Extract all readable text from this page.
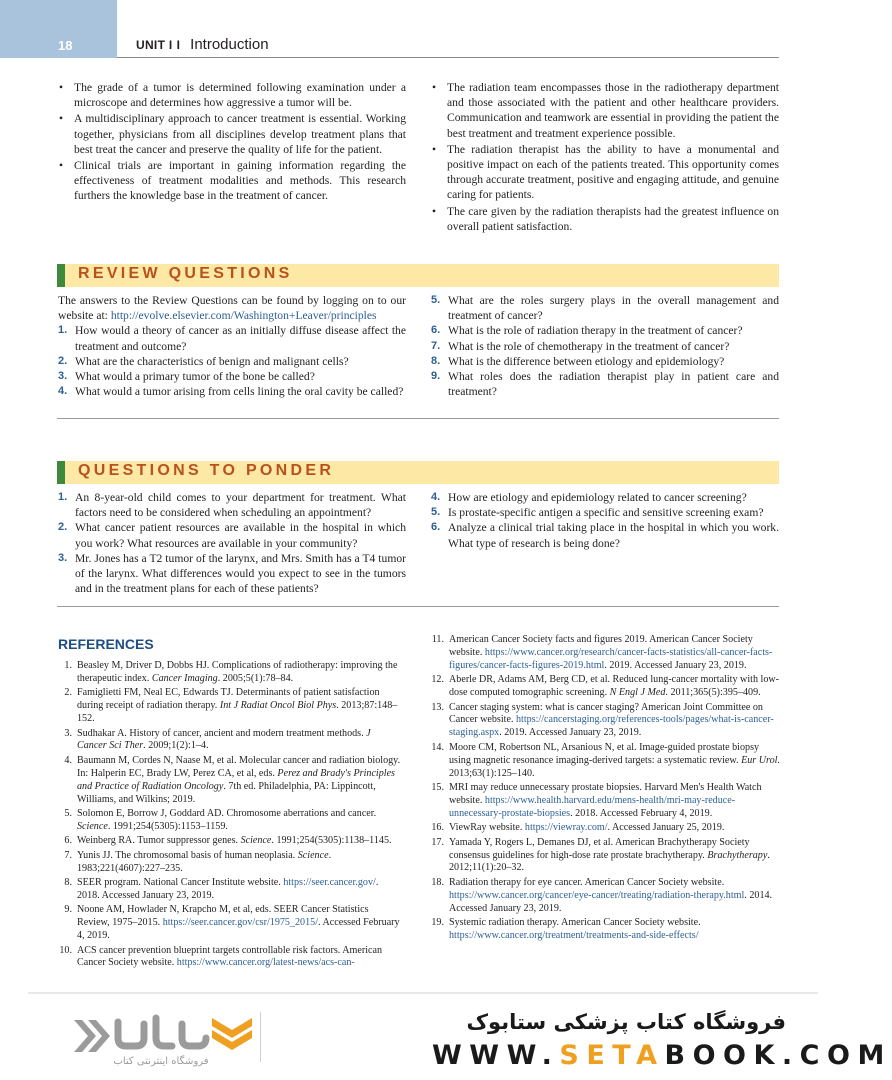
18	UNIT I I Introduction
• The grade of a tumor is determined following examination under a microscope and determines how aggressive a tumor will be.
• A multidisciplinary approach to cancer treatment is essential. Working together, physicians from all disciplines develop treatment plans that best treat the cancer and preserve the quality of life for the patient.
• Clinical trials are important in gaining information regarding the effectiveness of treatment modalities and methods. This research furthers the knowledge base in the treatment of cancer.
• The radiation team encompasses those in the radiotherapy department and those associated with the patient and other healthcare providers. Communication and teamwork are essential in providing the patient the best treatment and treatment experience possible.
• The radiation therapist has the ability to have a monumental and positive impact on each of the patients treated. This opportunity comes through accurate treatment, positive and engaging attitude, and genuine caring for patients.
• The care given by the radiation therapists had the greatest influence on overall patient satisfaction.
REVIEW QUESTIONS

The answers to the Review Questions can be found by logging on to our website at: http://evolve.elsevier.com/Washington+Leaver/principles

1. How would a theory of cancer as an initially diffuse disease affect the treatment and outcome?
2. What are the characteristics of benign and malignant cells?
3. What would a primary tumor of the bone be called?
4. What would a tumor arising from cells lining the oral cavity be called?
5. What are the roles surgery plays in the overall management and treatment of cancer?
6. What is the role of radiation therapy in the treatment of cancer?
7. What is the role of chemotherapy in the treatment of cancer?
8. What is the difference between etiology and epidemiology?
9. What roles does the radiation therapist play in patient care and treatment?
QUESTIONS TO PONDER
1. An 8-year-old child comes to your department for treatment. What factors need to be considered when scheduling an appointment?
2. What cancer patient resources are available in the hospital in which you work? What resources are available in your community?
3. Mr. Jones has a T2 tumor of the larynx, and Mrs. Smith has a T4 tumor of the larynx. What differences would you expect to see in the tumors and in the treatment plans for each of these patients?
4. How are etiology and epidemiology related to cancer screening?
5. Is prostate-specific antigen a specific and sensitive screening exam?
6. Analyze a clinical trial taking place in the hospital in which you work. What type of research is being done?
REFERENCES
1. Beasley M, Driver D, Dobbs HJ. Complications of radiotherapy: improving the therapeutic index. Cancer Imaging. 2005;5(1):78–84.
2. Famiglietti FM, Neal EC, Edwards TJ. Determinants of patient satisfaction during receipt of radiation therapy. Int J Radiat Oncol Biol Phys. 2013;87:148–152.
3. Sudhakar A. History of cancer, ancient and modern treatment methods. J Cancer Sci Ther. 2009;1(2):1–4.
4. Baumann M, Cordes N, Naase M, et al. Molecular cancer and radiation biology. In: Halperin EC, Brady LW, Perez CA, et al, eds. Perez and Brady's Principles and Practice of Radiation Oncology. 7th ed. Philadelphia, PA: Lippincott, Williams, and Wilkins; 2019.
5. Solomon E, Borrow J, Goddard AD. Chromosome aberrations and cancer. Science. 1991;254(5305):1153–1159.
6. Weinberg RA. Tumor suppressor genes. Science. 1991;254(5305):1138–1145.
7. Yunis JJ. The chromosomal basis of human neoplasia. Science. 1983;221(4607):227–235.
8. SEER program. National Cancer Institute website. https://seer.cancer.gov/. 2018. Accessed January 23, 2019.
9. Noone AM, Howlader N, Krapcho M, et al, eds. SEER Cancer Statistics Review, 1975–2015. https://seer.cancer.gov/csr/1975_2015/. Accessed February 4, 2019.
10. ACS cancer prevention blueprint targets controllable risk factors. American Cancer Society website. https://www.cancer.org/latest-news/acs-can-
11. American Cancer Society facts and figures 2019. American Cancer Society website. https://www.cancer.org/research/cancer-facts-statistics/all-cancer-facts-figures/cancer-facts-figures-2019.html. 2019. Accessed January 23, 2019.
12. Aberle DR, Adams AM, Berg CD, et al. Reduced lung-cancer mortality with low-dose computed tomographic screening. N Engl J Med. 2011;365(5):395–409.
13. Cancer staging system: what is cancer staging? American Joint Committee on Cancer website. https://cancerstaging.org/references-tools/pages/what-is-cancer-staging.aspx. 2019. Accessed January 23, 2019.
14. Moore CM, Robertson NL, Arsanious N, et al. Image-guided prostate biopsy using magnetic resonance imaging-derived targets: a systematic review. Eur Urol. 2013;63(1):125–140.
15. MRI may reduce unnecessary prostate biopsies. Harvard Men's Health Watch website. https://www.health.harvard.edu/mens-health/mri-may-reduce-unnecessary-prostate-biopsies. 2018. Accessed February 4, 2019.
16. ViewRay website. https://viewray.com/. Accessed January 25, 2019.
17. Yamada Y, Rogers L, Demanes DJ, et al. American Brachytherapy Society consensus guidelines for high-dose rate prostate brachytherapy. Brachytherapy. 2012;11(1):20–32.
18. Radiation therapy for eye cancer. American Cancer Society website. https://www.cancer.org/cancer/eye-cancer/treating/radiation-therapy.html. 2014. Accessed January 23, 2019.
19. Systemic radiation therapy. American Cancer Society website. https://www.cancer.org/treatment/treatments-and-side-effects/
فروشگاه اینترنتی کتاب
فروشگاه کتاب پزشکی ستابوک
WWW.SETABOOK.COM
